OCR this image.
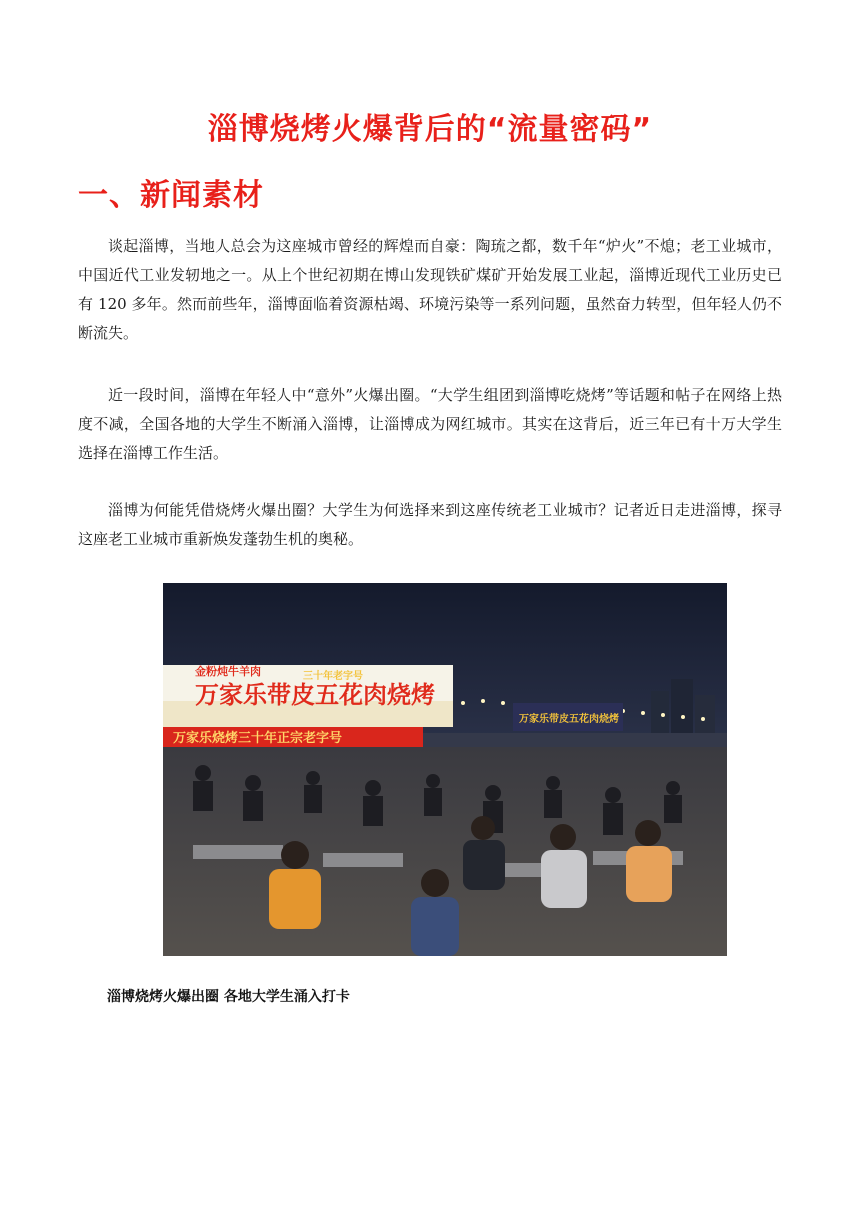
淄博烧烤火爆背后的“流量密码”
一、新闻素材

谈起淄博，当地人总会为这座城市曾经的辉煌而自豪：陶琉之都，数千年“炉火”不熄；老工业城市，中国近代工业发轫地之一。从上个世纪初期在博山发现铁矿煤矿开始发展工业起，淄博近现代工业历史已有 120 多年。然而前些年，淄博面临着资源枯竭、环境污染等一系列问题，虽然奋力转型，但年轻人仍不断流失。

近一段时间，淄博在年轻人中“意外”火爆出圈。“大学生组团到淄博吃烧烤”等话题和帖子在网络上热度不减，全国各地的大学生不断涌入淄博，让淄博成为网红城市。其实在这背后，近三年已有十万大学生选择在淄博工作生活。

淄博为何能凭借烧烤火爆出圈？大学生为何选择来到这座传统老工业城市？记者近日走进淄博，探寻这座老工业城市重新焕发蓬勃生机的奥秘。

万家乐带皮五花肉烧烤
金粉炖牛羊肉	三十年老字号
万家乐带皮五花肉烧烤
万家乐烧烤三十年正宗老字号
淄博烧烤火爆出圈 各地大学生涌入打卡
